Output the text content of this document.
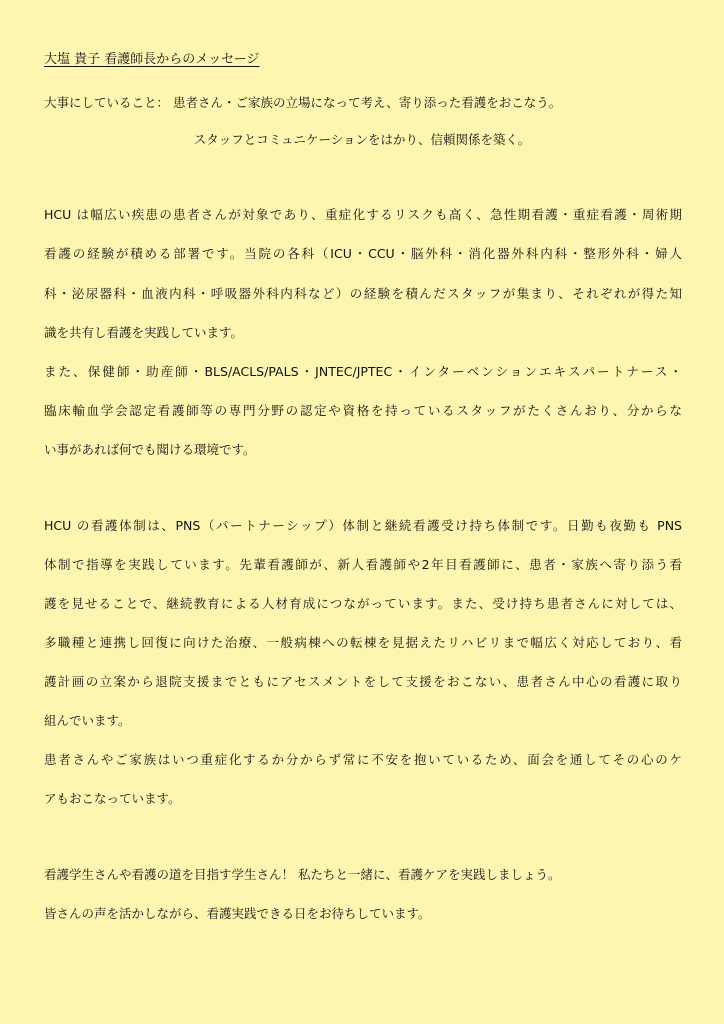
大塩 貴子 看護師長からのメッセージ
大事にしていること： 患者さん・ご家族の立場になって考え、寄り添った看護をおこなう。
スタッフとコミュニケーションをはかり、信頼関係を築く。
HCU は幅広い疾患の患者さんが対象であり、重症化するリスクも高く、急性期看護・重症看護・周術期
看護の経験が積める部署です。当院の各科（ICU・CCU・脳外科・消化器外科内科・整形外科・婦人
科・泌尿器科・血液内科・呼吸器外科内科など）の経験を積んだスタッフが集まり、それぞれが得た知
識を共有し看護を実践しています。
また、保健師・助産師・BLS/ACLS/PALS・JNTEC/JPTEC・インターベンションエキスパートナース・
臨床輸血学会認定看護師等の専門分野の認定や資格を持っているスタッフがたくさんおり、分からな
い事があれば何でも聞ける環境です。
HCU の看護体制は、PNS（パートナーシップ）体制と継続看護受け持ち体制です。日勤も夜勤も PNS
体制で指導を実践しています。先輩看護師が、新人看護師や2年目看護師に、患者・家族へ寄り添う看
護を見せることで、継続教育による人材育成につながっています。また、受け持ち患者さんに対しては、
多職種と連携し回復に向けた治療、一般病棟への転棟を見据えたリハビリまで幅広く対応しており、看
護計画の立案から退院支援までともにアセスメントをして支援をおこない、患者さん中心の看護に取り
組んでいます。
患者さんやご家族はいつ重症化するか分からず常に不安を抱いているため、面会を通してその心のケ
アもおこなっています。
看護学生さんや看護の道を目指す学生さん！ 私たちと一緒に、看護ケアを実践しましょう。
皆さんの声を活かしながら、看護実践できる日をお待ちしています。
